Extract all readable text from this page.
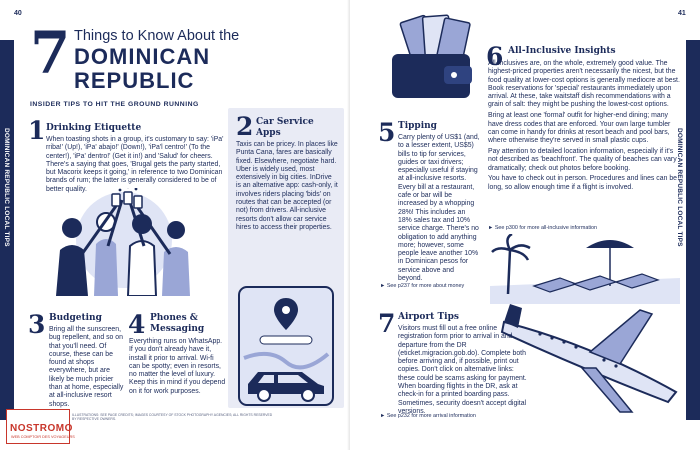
40
DOMINICAN REPUBLIC LOCAL TIPS
7 Things to Know About the
DOMINICAN
REPUBLIC
INSIDER TIPS TO HIT THE GROUND RUNNING
1 Drinking Etiquette
When toasting shots in a group, it's customary to say: 'iPa' rriba!' (Up!), 'iPa' abajo!' (Down!), 'iPa'l centro!' (To the center!), 'iPa' dentro!' (Get it in!) and 'Salud' for cheers. There's a saying that goes, 'Brugal gets the party started, but Macorix keeps it going,' in reference to two Dominican brands of rum; the latter is generally considered to be of better quality.
2 Car Service
Apps
Taxis can be pricey. In places like Punta Cana, fares are basically fixed. Elsewhere, negotiate hard. Uber is widely used, most extensively in big cities. InDrive is an alternative app: cash-only, it involves riders placing 'bids' on routes that can be accepted (or not) from drivers. All-inclusive resorts don't allow car service hires to access their properties.
3 Budgeting
Bring all the sunscreen, bug repellent, and so on that you'll need. Of course, these can be found at shops everywhere, but are likely be much pricier than at home, especially at all-inclusive resort shops.
4 Phones &
Messaging
Everything runs on WhatsApp. If you don't already have it, install it prior to arrival. Wi-fi can be spotty; even in resorts, no matter the level of luxury. Keep this in mind if you depend on it for work purposes.
NOSTROMO
WEB COMPTOIR DES VOYAGEURS
ILLUSTRATIONS: SEE PAGE CREDITS; IMAGES COURTESY OF STOCK PHOTOGRAPHY AGENCIES; ALL RIGHTS RESERVED BY RESPECTIVE OWNERS.
41
DOMINICAN REPUBLIC LOCAL TIPS
5 Tipping
Carry plenty of US$1 (and, to a lesser extent, US$5) bills to tip for services, guides or taxi drivers; especially useful if staying at all-inclusive resorts. Every bill at a restaurant, cafe or bar will be increased by a whopping 28%! This includes an 18% sales tax and 10% service charge. There's no obligation to add anything more; however, some people leave another 10% in Dominican pesos for service above and beyond.
► See p237 for more about money
6 All-Inclusive Insights

All-inclusives are, on the whole, extremely good value. The highest-priced properties aren't necessarily the nicest, but the food quality at lower-cost options is generally mediocre at best. Book reservations for 'special' restaurants immediately upon arrival. At these, take waitstaff dish recommendations with a grain of salt: they might be pushing the lowest-cost options.

Bring at least one 'formal' outfit for higher-end dining; many have dress codes that are enforced. Your own large tumbler can come in handy for drinks at resort beach and pool bars, where otherwise they're served in small plastic cups.

Pay attention to detailed location information, especially if it's not described as 'beachfront'. The quality of beaches can vary dramatically; check out photos before booking.

You have to check out in person. Procedures and lines can be long, so allow enough time if a flight is involved.

► See p300 for more all-inclusive information
7 Airport Tips
Visitors must fill out a free online registration form prior to arrival in and departure from the DR (eticket.migracion.gob.do). Complete both before arriving and, if possible, print out copies. Don't click on alternative links: these could be scams asking for payment. When boarding flights in the DR, ask at check-in for a printed boarding pass. Sometimes, security doesn't accept digital versions.
► See p232 for more arrival information
